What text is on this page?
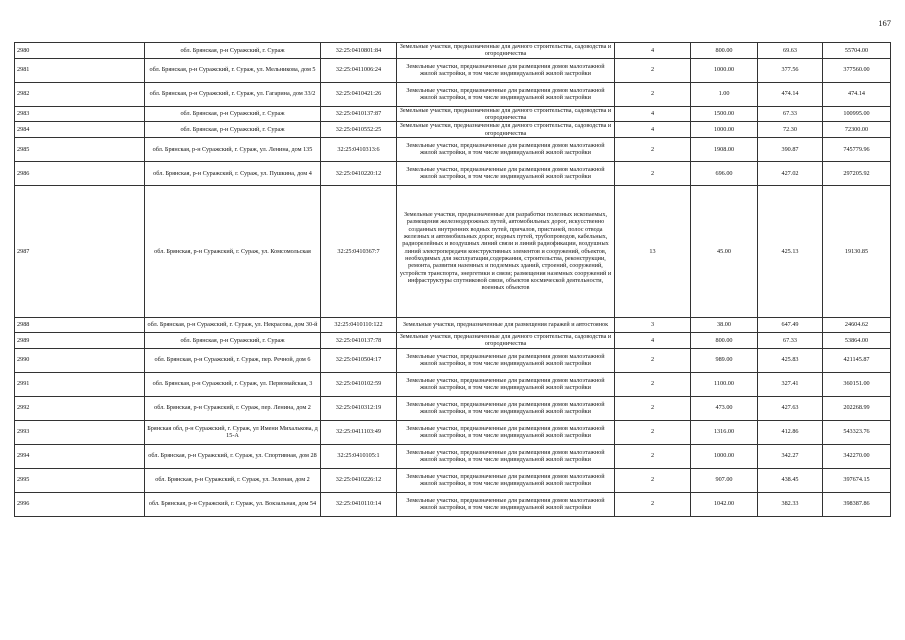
167
2980	обл. Брянская, р-н Суражский, г. Сураж	32:25:0410801:84	Земельные участки, предназначенные для дачного строительства, садоводства и огородничества	4	800.00	69.63	55704.00
2981	обл. Брянская, р-н Суражский, г. Сураж, ул. Мельникова, дом 5	32:25:0411006:24	Земельные участки, предназначенные для размещения домов малоэтажной жилой застройки, в том числе индивидуальной жилой застройки	2	1000.00	377.56	377560.00
2982	обл. Брянская, р-н Суражский, г. Сураж, ул. Гагарина, дом 33/2	32:25:0410421:26	Земельные участки, предназначенные для размещения домов малоэтажной жилой застройки, в том числе индивидуальной жилой застройки	2	1.00	474.14	474.14
2983	обл. Брянская, р-н Суражский, г. Сураж	32:25:0410137:87	Земельные участки, предназначенные для дачного строительства, садоводства и огородничества	4	1500.00	67.33	100995.00
2984	обл. Брянская, р-н Суражский, г. Сураж	32:25:0410552:25	Земельные участки, предназначенные для дачного строительства, садоводства и огородничества	4	1000.00	72.30	72300.00
2985	обл. Брянская, р-н Суражский, г. Сураж, ул. Ленина, дом 135	32:25:0410313:6	Земельные участки, предназначенные для размещения домов малоэтажной жилой застройки, в том числе индивидуальной жилой застройки	2	1908.00	390.87	745779.96
2986	обл. Брянская, р-н Суражский, г. Сураж, ул. Пушкина, дом 4	32:25:0410220:12	Земельные участки, предназначенные для размещения домов малоэтажной жилой застройки, в том числе индивидуальной жилой застройки	2	696.00	427.02	297205.92
2987	обл. Брянская, р-н Суражский, г. Сураж, ул. Комсомольская	32:25:0410367:7	Земельные участки, предназначенные для разработки полезных ископаемых, размещения железнодорожных путей, автомобильных дорог, искусственно созданных внутренних водных путей, причалов, пристаней, полос отвода железных и автомобильных дорог, водных путей, трубопроводов, кабельных, радиорелейных и воздушных линий связи и линий радиофикации, воздушных линий электропередачи конструктивных элементов и сооружений, объектов, необходимых для эксплуатации,содержания, строительства, реконструкции, ремонта, развития наземных и подземных зданий, строений, сооружений, устройств транспорта, энергетики и связи; размещения наземных сооружений и инфраструктуры спутниковой связи, объектов космической деятельности, военных объектов	13	45.00	425.13	19130.85
2988	обл. Брянская, р-н Суражский, г. Сураж, ул. Некрасова, дом 30-й	32:25:0410110:122	Земельные участки, предназначенные для размещения гаражей и автостоянок	3	38.00	647.49	24604.62
2989	обл. Брянская, р-н Суражский, г. Сураж	32:25:0410137:78	Земельные участки, предназначенные для дачного строительства, садоводства и огородничества	4	800.00	67.33	53864.00
2990	обл. Брянская, р-н Суражский, г. Сураж, пер. Речной, дом 6	32:25:0410504:17	Земельные участки, предназначенные для размещения домов малоэтажной жилой застройки, в том числе индивидуальной жилой застройки	2	989.00	425.83	421145.87
2991	обл. Брянская, р-н Суражский, г. Сураж, ул. Первомайская, 3	32:25:0410102:59	Земельные участки, предназначенные для размещения домов малоэтажной жилой застройки, в том числе индивидуальной жилой застройки	2	1100.00	327.41	360151.00
2992	обл. Брянская, р-н Суражский, г. Сураж, пер. Ленина, дом 2	32:25:0410312:19	Земельные участки, предназначенные для размещения домов малоэтажной жилой застройки, в том числе индивидуальной жилой застройки	2	473.00	427.63	202268.99
2993	Брянская обл, р-н Суражский, г. Сураж, ул Имени Михалькова, д 15-А	32:25:0411103:49	Земельные участки, предназначенные для размещения домов малоэтажной жилой застройки, в том числе индивидуальной жилой застройки	2	1316.00	412.86	543323.76
2994	обл. Брянская, р-н Суражский, г. Сураж, ул. Спортивная, дом 28	32:25:0410105:1	Земельные участки, предназначенные для размещения домов малоэтажной жилой застройки, в том числе индивидуальной жилой застройки	2	1000.00	342.27	342270.00
2995	обл. Брянская, р-н Суражский, г. Сураж, ул. Зеленая, дом 2	32:25:0410226:12	Земельные участки, предназначенные для размещения домов малоэтажной жилой застройки, в том числе индивидуальной жилой застройки	2	907.00	438.45	397674.15
2996	обл. Брянская, р-н Суражский, г. Сураж, ул. Вокзальная, дом 54	32:25:0410110:14	Земельные участки, предназначенные для размещения домов малоэтажной жилой застройки, в том числе индивидуальной жилой застройки	2	1042.00	382.33	398387.86
